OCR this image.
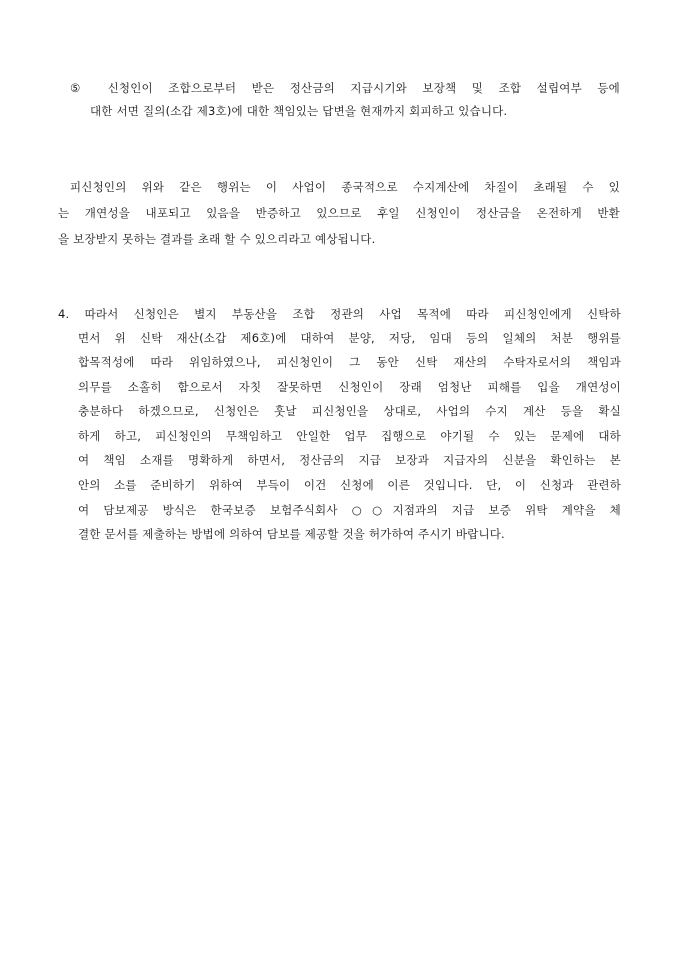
⑤ 신청인이 조합으로부터 받은 정산금의 지급시기와 보장책 및 조합 설립여부 등에
대한 서면 질의(소갑 제3호)에 대한 책임있는 답변을 현재까지 회피하고 있습니다.
피신청인의 위와 같은 행위는 이 사업이 종국적으로 수지계산에 차질이 초래될 수 있
는 개연성을 내포되고 있음을 반증하고 있으므로 후일 신청인이 정산금을 온전하게 반환
을 보장받지 못하는 결과를 초래 할 수 있으리라고 예상됩니다.
4. 따라서 신청인은 별지 부동산을 조합 정관의 사업 목적에 따라 피신청인에게 신탁하
면서 위 신탁 재산(소갑 제6호)에 대하여 분양, 저당, 임대 등의 일체의 처분 행위를
합목적성에 따라 위임하였으나, 피신청인이 그 동안 신탁 재산의 수탁자로서의 책임과
의무를 소홀히 함으로서 자칫 잘못하면 신청인이 장래 엄청난 피해를 입을 개연성이
충분하다 하겠으므로, 신청인은 훗날 피신청인을 상대로, 사업의 수지 계산 등을 확실
하게 하고, 피신청인의 무책임하고 안일한 업무 집행으로 야기될 수 있는 문제에 대하
여 책임 소재를 명확하게 하면서, 정산금의 지급 보장과 지급자의 신분을 확인하는 본
안의 소를 준비하기 위하여 부득이 이건 신청에 이른 것입니다. 단, 이 신청과 관련하
여 담보제공 방식은 한국보증 보험주식회사 ○○지점과의 지급 보증 위탁 계약을 체
결한 문서를 제출하는 방법에 의하여 담보를 제공할 것을 허가하여 주시기 바랍니다.
